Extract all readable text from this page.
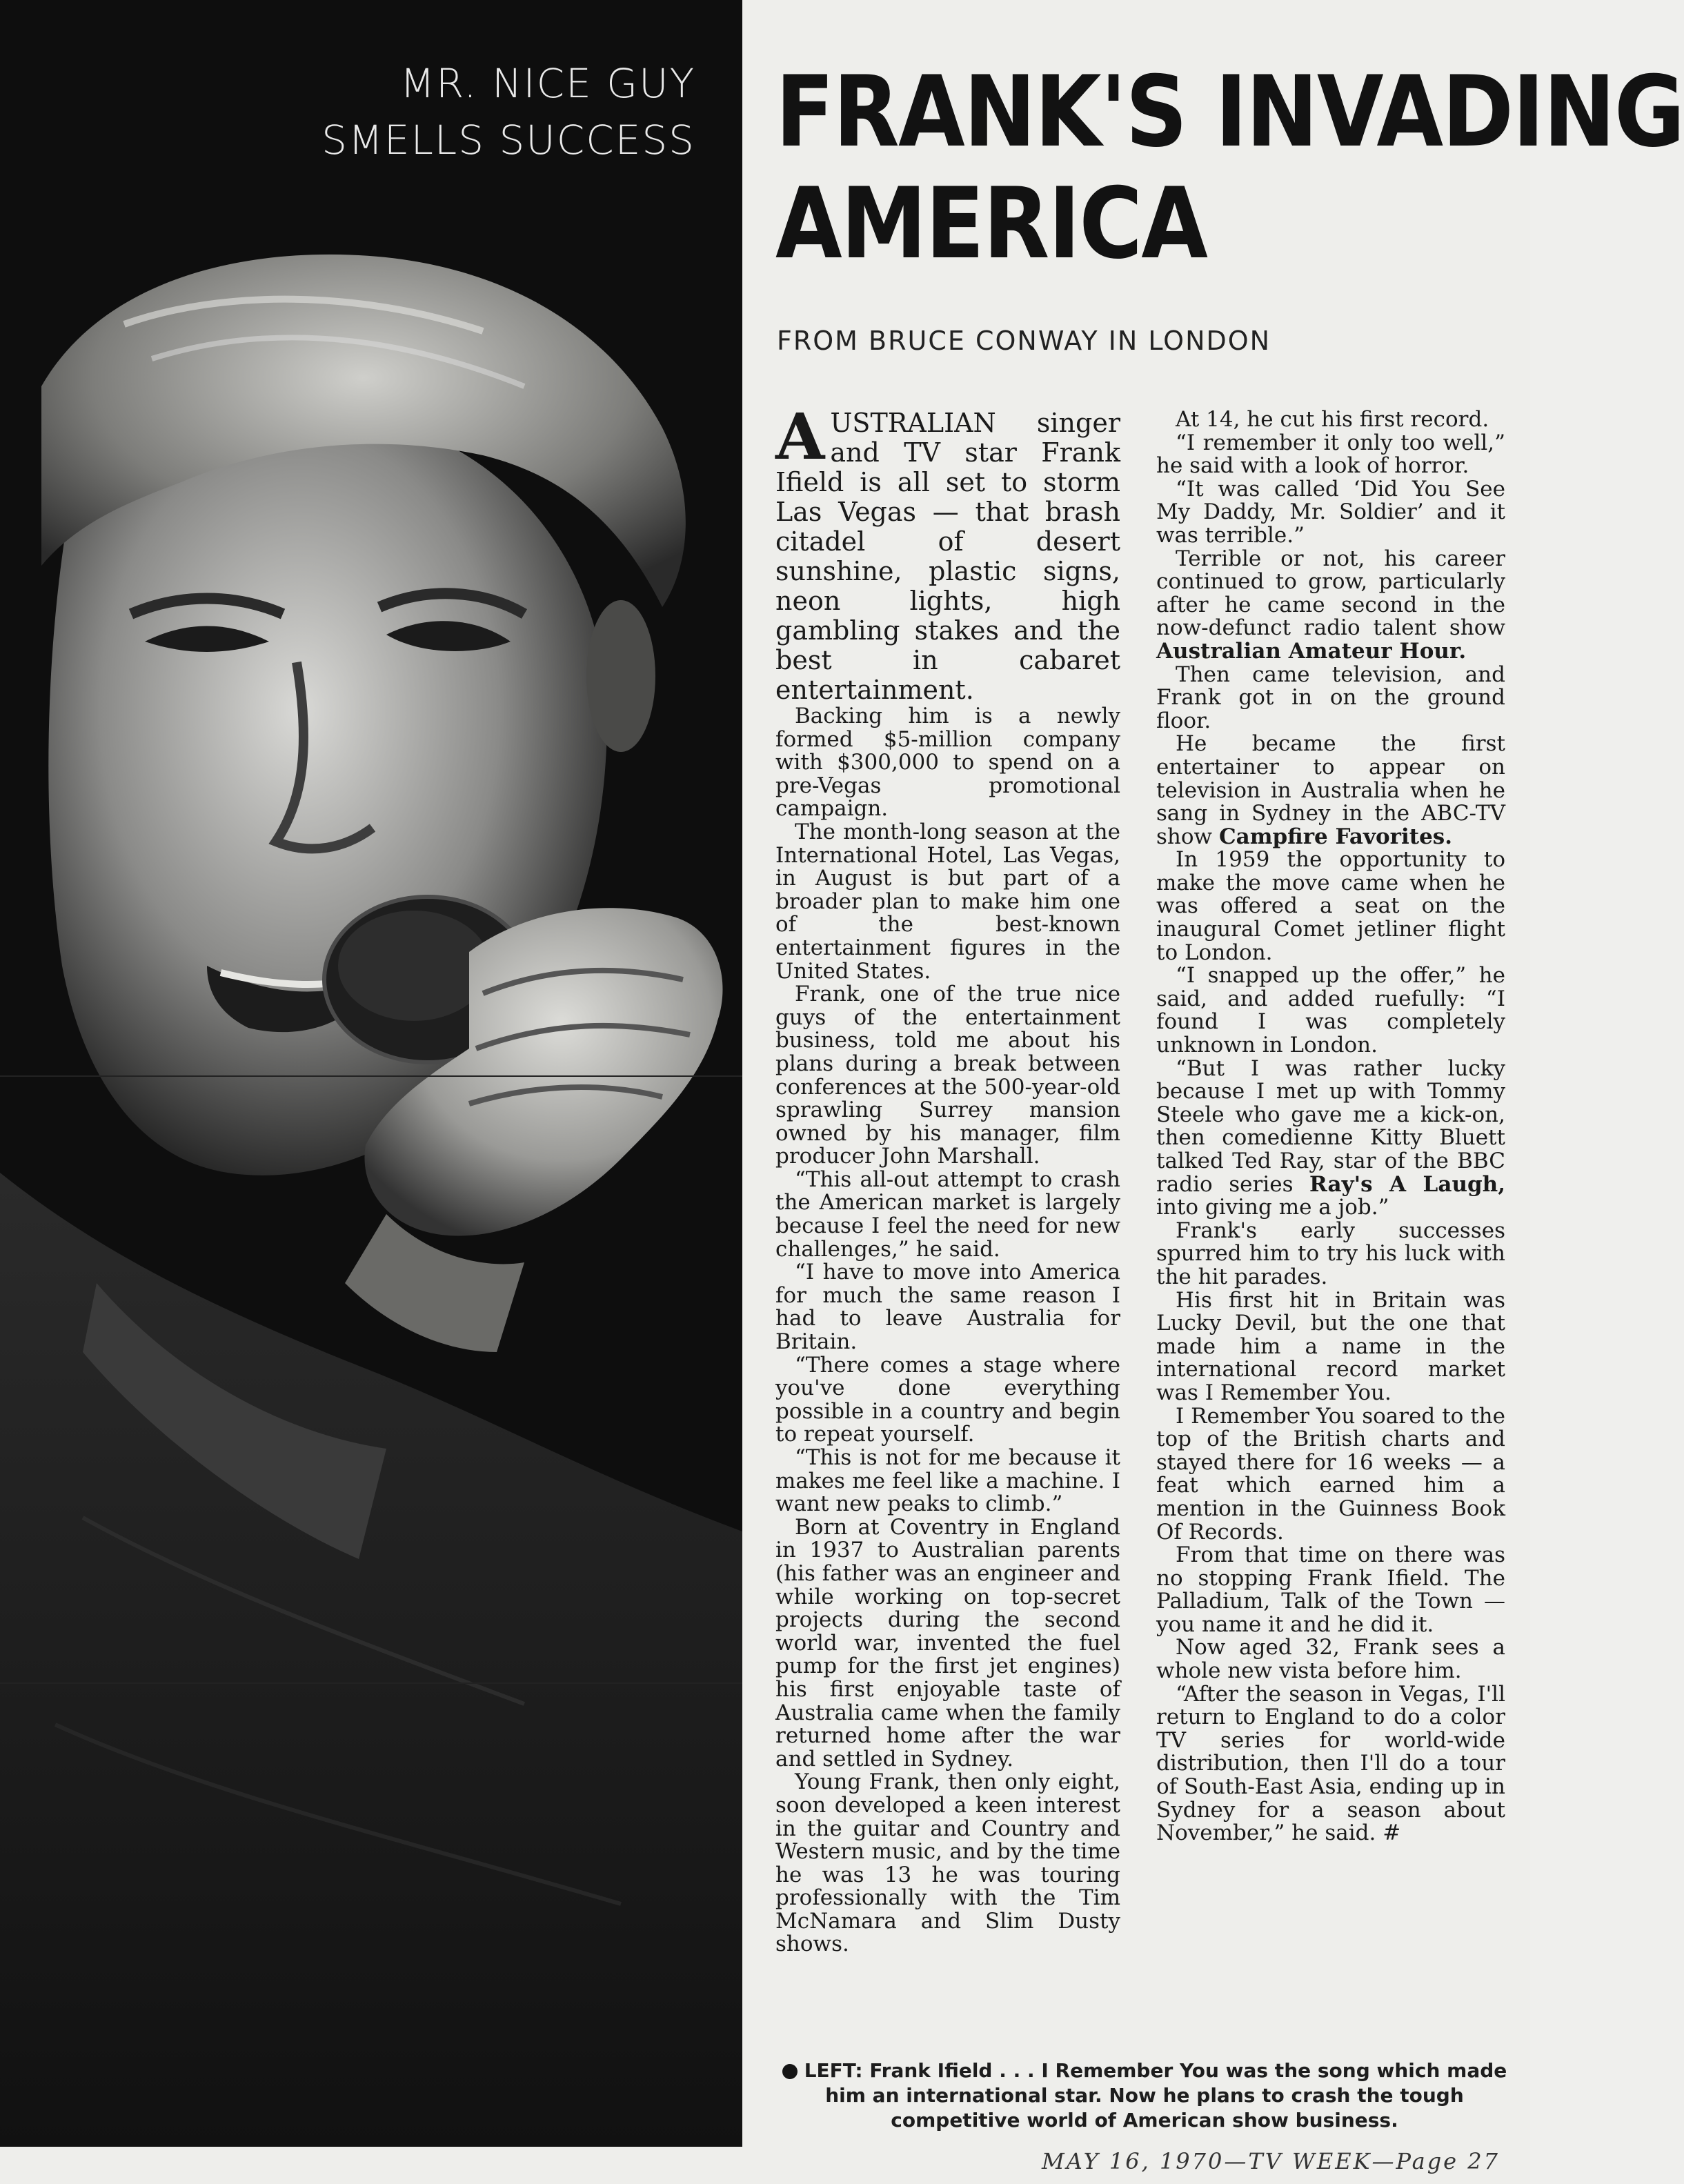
MR. NICE GUY
SMELLS SUCCESS FRANK'S INVADING
AMERICA
FROM BRUCE CONWAY IN LONDON

AUSTRALIAN singer and TV star Frank Ifield is all set to storm Las Vegas — that brash citadel of desert sunshine, plastic signs, neon lights, high gambling stakes and the best in cabaret entertainment.

Backing him is a newly formed $5-million company with $300,000 to spend on a pre-Vegas promotional campaign.

The month-long season at the International Hotel, Las Vegas, in August is but part of a broader plan to make him one of the best-known entertainment figures in the United States.

Frank, one of the true nice guys of the entertainment business, told me about his plans during a break between conferences at the 500-year-old sprawling Surrey mansion owned by his manager, film producer John Marshall.

“This all-out attempt to crash the American market is largely because I feel the need for new challenges,” he said.

“I have to move into America for much the same reason I had to leave Australia for Britain.

“There comes a stage where you've done everything possible in a country and begin to repeat yourself.

“This is not for me because it makes me feel like a machine. I want new peaks to climb.”

Born at Coventry in England in 1937 to Australian parents (his father was an engineer and while working on top-secret projects during the second world war, invented the fuel pump for the first jet engines) his first enjoyable taste of Australia came when the family returned home after the war and settled in Sydney.

Young Frank, then only eight, soon developed a keen interest in the guitar and Country and Western music, and by the time he was 13 he was touring professionally with the Tim McNamara and Slim Dusty shows.

At 14, he cut his first record.

“I remember it only too well,” he said with a look of horror.

“It was called ‘Did You See My Daddy, Mr. Soldier’ and it was terrible.”

Terrible or not, his career continued to grow, particularly after he came second in the now-defunct radio talent show Australian Amateur Hour.

Then came television, and Frank got in on the ground floor.

He became the first entertainer to appear on television in Australia when he sang in Sydney in the ABC-TV show Campfire Favorites.

In 1959 the opportunity to make the move came when he was offered a seat on the inaugural Comet jetliner flight to London.

“I snapped up the offer,” he said, and added ruefully: “I found I was completely unknown in London.

“But I was rather lucky because I met up with Tommy Steele who gave me a kick-on, then comedienne Kitty Bluett talked Ted Ray, star of the BBC radio series Ray's A Laugh, into giving me a job.”

Frank's early successes spurred him to try his luck with the hit parades.

His first hit in Britain was Lucky Devil, but the one that made him a name in the international record market was I Remember You.

I Remember You soared to the top of the British charts and stayed there for 16 weeks — a feat which earned him a mention in the Guinness Book Of Records.

From that time on there was no stopping Frank Ifield. The Palladium, Talk of the Town — you name it and he did it.

Now aged 32, Frank sees a whole new vista before him.

“After the season in Vegas, I'll return to England to do a color TV series for world-wide distribution, then I'll do a tour of South-East Asia, ending up in Sydney for a season about November,” he said. #

LEFT: Frank Ifield . . . I Remember You was the song which made him an international star. Now he plans to crash the tough competitive world of American show business.
MAY 16, 1970—TV WEEK—Page 27
